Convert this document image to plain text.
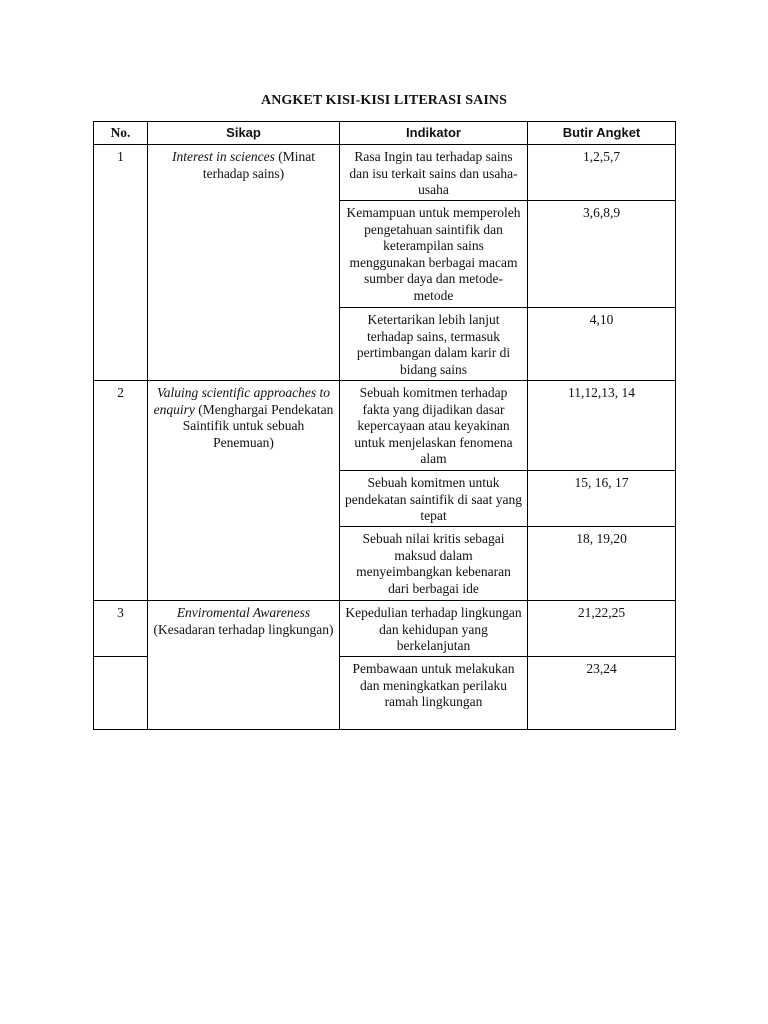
ANGKET KISI-KISI LITERASI SAINS
No.	Sikap	Indikator	Butir Angket
1	Interest in sciences (Minat terhadap sains)	Rasa Ingin tau terhadap sains dan isu terkait sains dan usaha-usaha	1,2,5,7
		Kemampuan untuk memperoleh pengetahuan saintifik dan keterampilan sains menggunakan berbagai macam sumber daya dan metode-metode	3,6,8,9
		Ketertarikan lebih lanjut terhadap sains, termasuk pertimbangan dalam karir di bidang sains	4,10
2	Valuing scientific approaches to enquiry (Menghargai Pendekatan Saintifik untuk sebuah Penemuan)	Sebuah komitmen terhadap fakta yang dijadikan dasar kepercayaan atau keyakinan untuk menjelaskan fenomena alam	11,12,13, 14
		Sebuah komitmen untuk pendekatan saintifik di saat yang tepat	15, 16, 17
		Sebuah nilai kritis sebagai maksud dalam menyeimbangkan kebenaran dari berbagai ide	18, 19,20
3	Enviromental Awareness (Kesadaran terhadap lingkungan)	Kepedulian terhadap lingkungan dan kehidupan yang berkelanjutan	21,22,25
		Pembawaan untuk melakukan dan meningkatkan perilaku ramah lingkungan	23,24
